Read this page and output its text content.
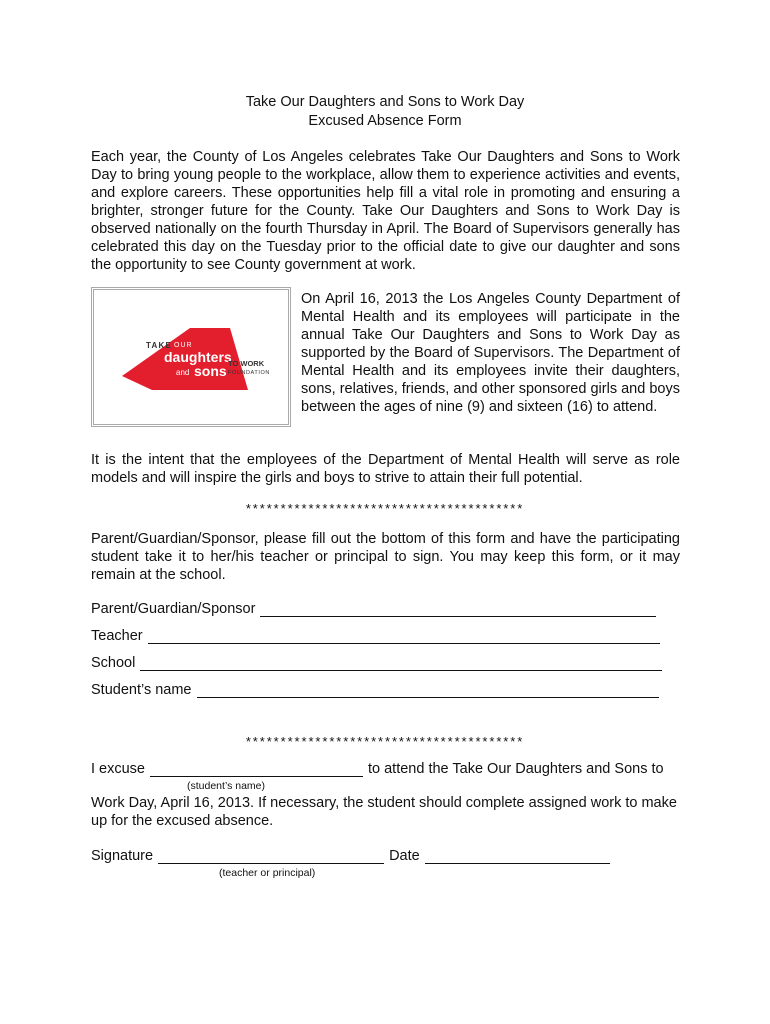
Take Our Daughters and Sons to Work Day
Excused Absence Form
Each year, the County of Los Angeles celebrates Take Our Daughters and Sons to Work Day to bring young people to the workplace, allow them to experience activities and events, and explore careers. These opportunities help fill a vital role in promoting and ensuring a brighter, stronger future for the County. Take Our Daughters and Sons to Work Day is observed nationally on the fourth Thursday in April. The Board of Supervisors generally has celebrated this day on the Tuesday prior to the official date to give our daughter and sons the opportunity to see County government at work.
TAKE OUR
daughters
and sons TO WORK
FOUNDATION
On April 16, 2013 the Los Angeles County Department of Mental Health and its employees will participate in the annual Take Our Daughters and Sons to Work Day as supported by the Board of Supervisors. The Department of Mental Health and its employees invite their daughters, sons, relatives, friends, and other sponsored girls and boys between the ages of nine (9) and sixteen (16) to attend.
It is the intent that the employees of the Department of Mental Health will serve as role models and will inspire the girls and boys to strive to attain their full potential.
****************************************
Parent/Guardian/Sponsor, please fill out the bottom of this form and have the participating student take it to her/his teacher or principal to sign. You may keep this form, or it may remain at the school.
Parent/Guardian/Sponsor
Teacher
School
Student’s name
****************************************
I excuse	to attend the Take Our Daughters and Sons to
(student’s name)
Work Day, April 16, 2013. If necessary, the student should complete assigned work to make up for the excused absence.
Signature	Date
(teacher or principal)
